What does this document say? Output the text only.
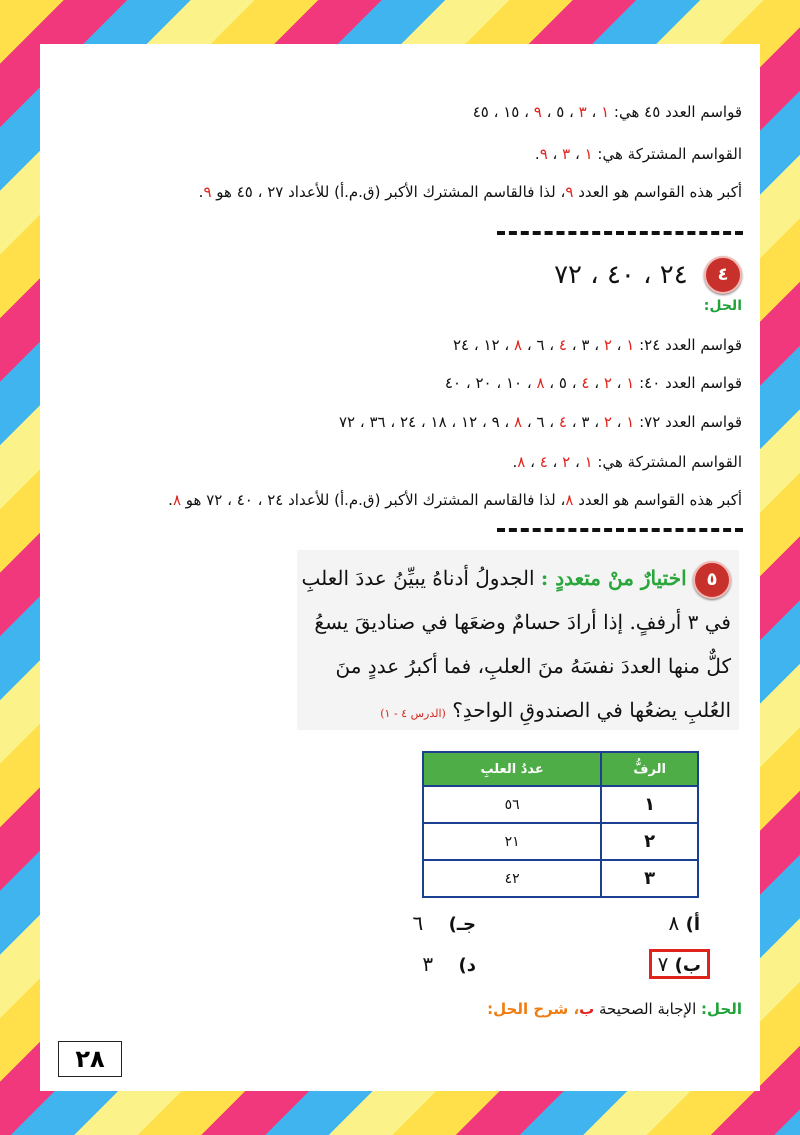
قواسم العدد ٤٥ هي: ١ ، ٣ ، ٥ ، ٩ ، ١٥ ، ٤٥
القواسم المشتركة هي: ١ ، ٣ ، ٩.
أكبر هذه القواسم هو العدد ٩، لذا فالقاسم المشترك الأكبر (ق.م.أ) للأعداد ٢٧ ، ٤٥ هو ٩.
٤ ٢٤ ، ٤٠ ، ٧٢
الحل:
قواسم العدد ٢٤: ١ ، ٢ ، ٣ ، ٤ ، ٦ ، ٨ ، ١٢ ، ٢٤
قواسم العدد ٤٠: ١ ، ٢ ، ٤ ، ٥ ، ٨ ، ١٠ ، ٢٠ ، ٤٠
قواسم العدد ٧٢: ١ ، ٢ ، ٣ ، ٤ ، ٦ ، ٨ ، ٩ ، ١٢ ، ١٨ ، ٢٤ ، ٣٦ ، ٧٢
القواسم المشتركة هي: ١ ، ٢ ، ٤ ، ٨.
أكبر هذه القواسم هو العدد ٨، لذا فالقاسم المشترك الأكبر (ق.م.أ) للأعداد ٢٤ ، ٤٠ ، ٧٢ هو ٨.
٥ اختيارٌ منْ متعددٍ : الجدولُ أدناهُ يبيِّنُ عددَ العلبِ في ٣ أرففٍ. إذا أرادَ حسامٌ وضعَها في صناديقَ يسعُ كلٌّ منها العددَ نفسَهُ منَ العلبِ، فما أكبرُ عددٍ منَ العُلبِ يضعُها في الصندوقِ الواحدِ؟ (الدرس ٤ - ١)
الرفُّ	عددُ العلبِ
١	٥٦
٢	٢١
٣	٤٢
أ) ٨
جـ)    ٦
ب) ٧
د)    ٣
الحل: الإجابة الصحيحة ب، شرح الحل:
٢٨
